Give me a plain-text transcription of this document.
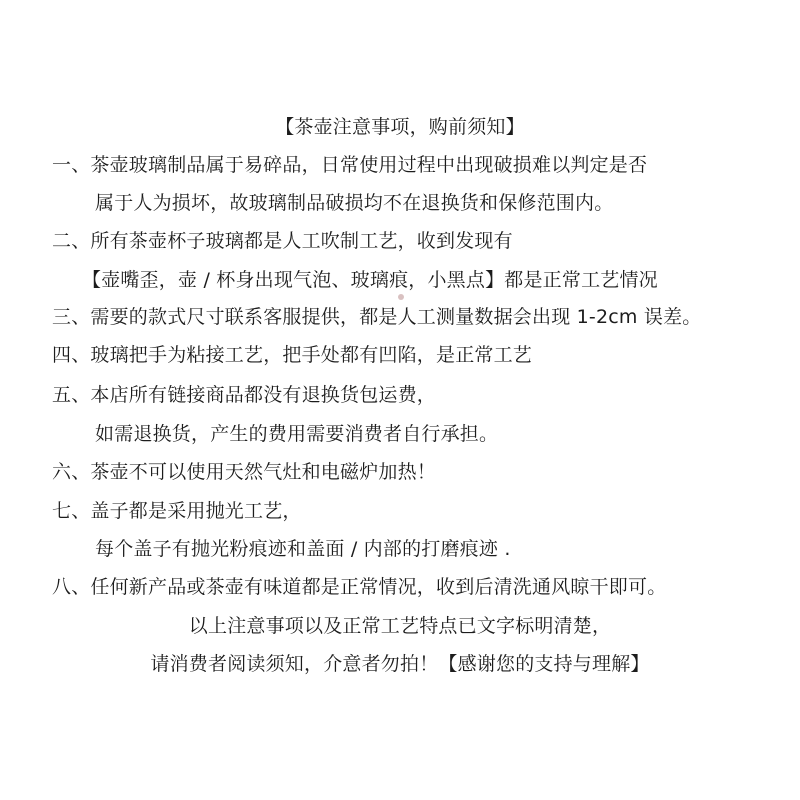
【茶壶注意事项，购前须知】
一、茶壶玻璃制品属于易碎品，日常使用过程中出现破损难以判定是否
属于人为损坏，故玻璃制品破损均不在退换货和保修范围内。
二、所有茶壶杯子玻璃都是人工吹制工艺，收到发现有
【壶嘴歪，壶 / 杯身出现气泡、玻璃痕，小黑点】都是正常工艺情况
三、需要的款式尺寸联系客服提供，都是人工测量数据会出现 1-2cm 误差。
四、玻璃把手为粘接工艺，把手处都有凹陷，是正常工艺
五、本店所有链接商品都没有退换货包运费，
如需退换货，产生的费用需要消费者自行承担。
六、茶壶不可以使用天然气灶和电磁炉加热！
七、盖子都是采用抛光工艺，
每个盖子有抛光粉痕迹和盖面 / 内部的打磨痕迹 .
八、任何新产品或茶壶有味道都是正常情况，收到后清洗通风晾干即可。
以上注意事项以及正常工艺特点已文字标明清楚，
请消费者阅读须知，介意者勿拍！【感谢您的支持与理解】
